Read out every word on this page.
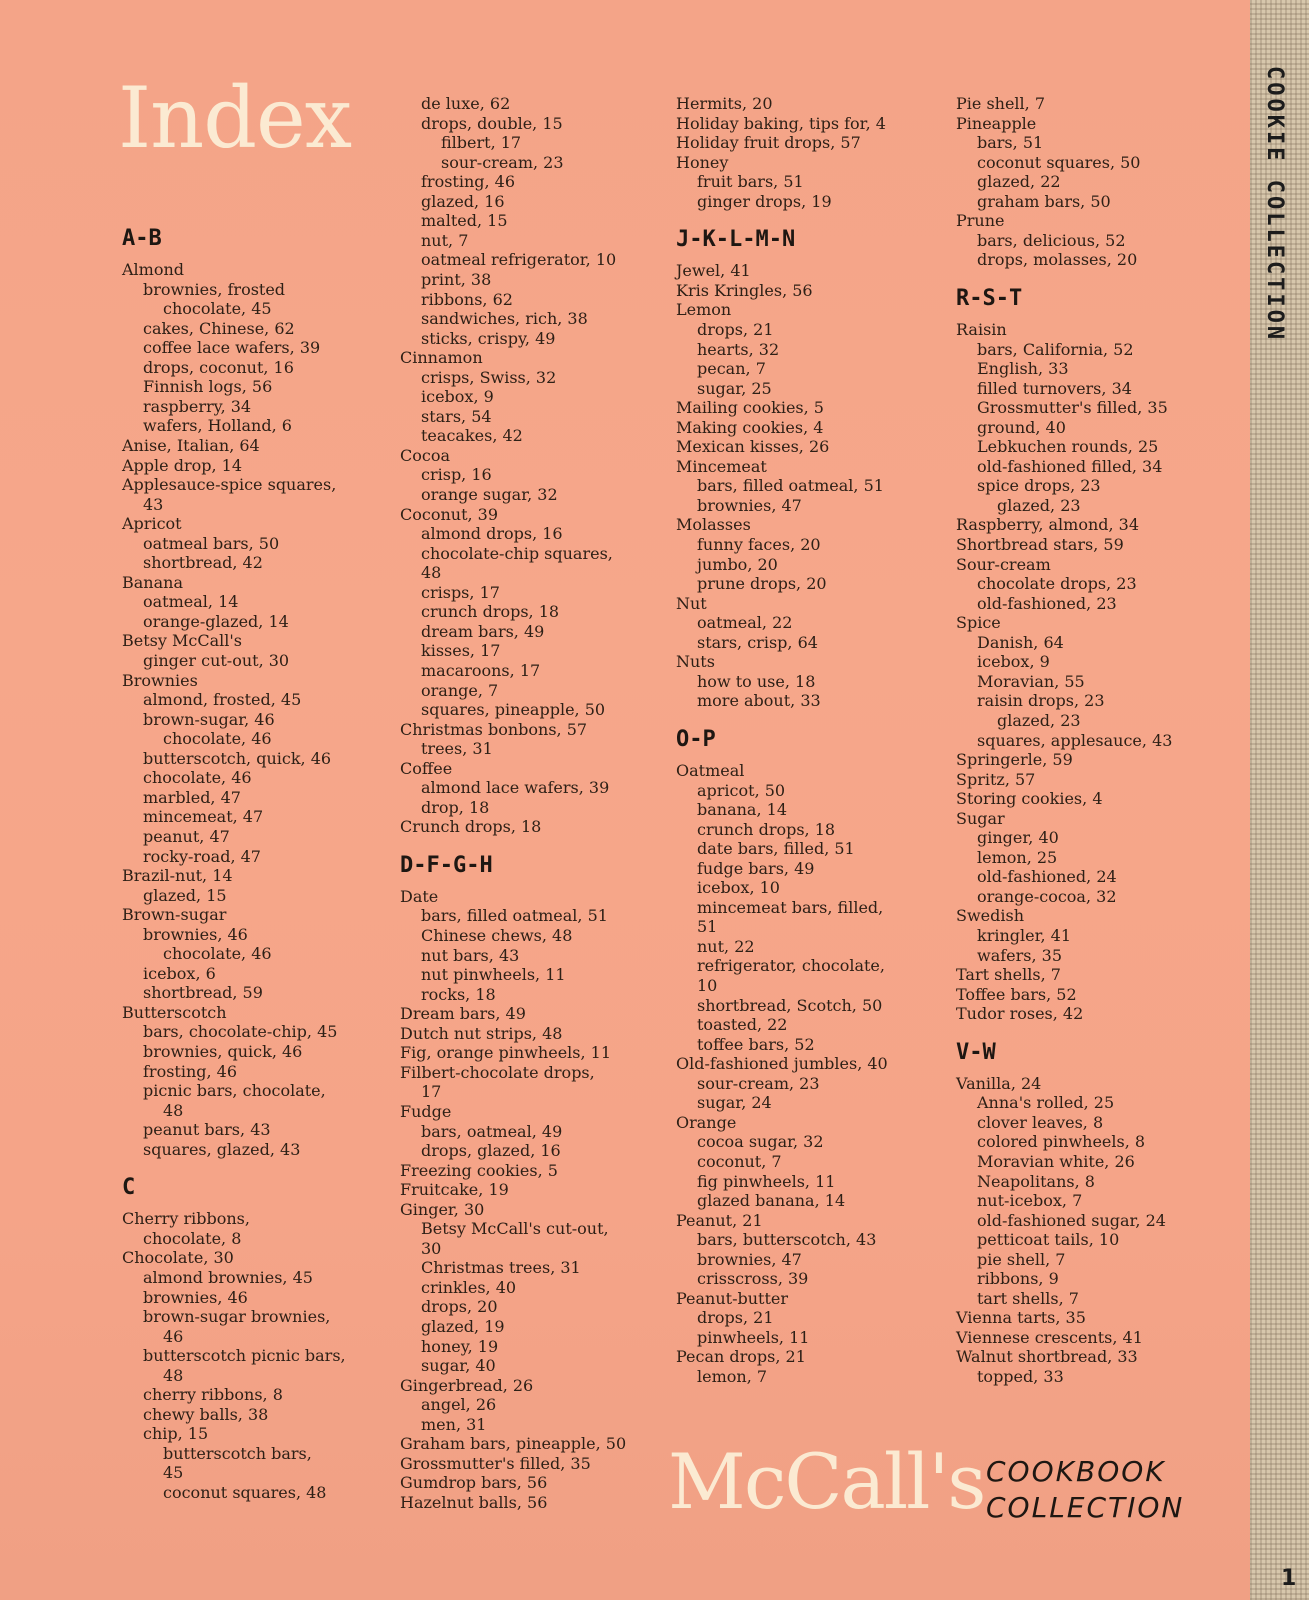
Index
A-B
Almond
brownies, frosted
chocolate, 45
cakes, Chinese, 62
coffee lace wafers, 39
drops, coconut, 16
Finnish logs, 56
raspberry, 34
wafers, Holland, 6
Anise, Italian, 64
Apple drop, 14
Applesauce-spice squares,
43
Apricot
oatmeal bars, 50
shortbread, 42
Banana
oatmeal, 14
orange-glazed, 14
Betsy McCall's
ginger cut-out, 30
Brownies
almond, frosted, 45
brown-sugar, 46
chocolate, 46
butterscotch, quick, 46
chocolate, 46
marbled, 47
mincemeat, 47
peanut, 47
rocky-road, 47
Brazil-nut, 14
glazed, 15
Brown-sugar
brownies, 46
chocolate, 46
icebox, 6
shortbread, 59
Butterscotch
bars, chocolate-chip, 45
brownies, quick, 46
frosting, 46
picnic bars, chocolate,
48
peanut bars, 43
squares, glazed, 43
C
Cherry ribbons,
chocolate, 8
Chocolate, 30
almond brownies, 45
brownies, 46
brown-sugar brownies,
46
butterscotch picnic bars,
48
cherry ribbons, 8
chewy balls, 38
chip, 15
butterscotch bars,
45
coconut squares, 48
de luxe, 62
drops, double, 15
filbert, 17
sour-cream, 23
frosting, 46
glazed, 16
malted, 15
nut, 7
oatmeal refrigerator, 10
print, 38
ribbons, 62
sandwiches, rich, 38
sticks, crispy, 49
Cinnamon
crisps, Swiss, 32
icebox, 9
stars, 54
teacakes, 42
Cocoa
crisp, 16
orange sugar, 32
Coconut, 39
almond drops, 16
chocolate-chip squares,
48
crisps, 17
crunch drops, 18
dream bars, 49
kisses, 17
macaroons, 17
orange, 7
squares, pineapple, 50
Christmas bonbons, 57
trees, 31
Coffee
almond lace wafers, 39
drop, 18
Crunch drops, 18
D-F-G-H
Date
bars, filled oatmeal, 51
Chinese chews, 48
nut bars, 43
nut pinwheels, 11
rocks, 18
Dream bars, 49
Dutch nut strips, 48
Fig, orange pinwheels, 11
Filbert-chocolate drops,
17
Fudge
bars, oatmeal, 49
drops, glazed, 16
Freezing cookies, 5
Fruitcake, 19
Ginger, 30
Betsy McCall's cut-out,
30
Christmas trees, 31
crinkles, 40
drops, 20
glazed, 19
honey, 19
sugar, 40
Gingerbread, 26
angel, 26
men, 31
Graham bars, pineapple, 50
Grossmutter's filled, 35
Gumdrop bars, 56
Hazelnut balls, 56
Hermits, 20
Holiday baking, tips for, 4
Holiday fruit drops, 57
Honey
fruit bars, 51
ginger drops, 19
J-K-L-M-N
Jewel, 41
Kris Kringles, 56
Lemon
drops, 21
hearts, 32
pecan, 7
sugar, 25
Mailing cookies, 5
Making cookies, 4
Mexican kisses, 26
Mincemeat
bars, filled oatmeal, 51
brownies, 47
Molasses
funny faces, 20
jumbo, 20
prune drops, 20
Nut
oatmeal, 22
stars, crisp, 64
Nuts
how to use, 18
more about, 33
O-P
Oatmeal
apricot, 50
banana, 14
crunch drops, 18
date bars, filled, 51
fudge bars, 49
icebox, 10
mincemeat bars, filled,
51
nut, 22
refrigerator, chocolate,
10
shortbread, Scotch, 50
toasted, 22
toffee bars, 52
Old-fashioned jumbles, 40
sour-cream, 23
sugar, 24
Orange
cocoa sugar, 32
coconut, 7
fig pinwheels, 11
glazed banana, 14
Peanut, 21
bars, butterscotch, 43
brownies, 47
crisscross, 39
Peanut-butter
drops, 21
pinwheels, 11
Pecan drops, 21
lemon, 7
Pie shell, 7
Pineapple
bars, 51
coconut squares, 50
glazed, 22
graham bars, 50
Prune
bars, delicious, 52
drops, molasses, 20
R-S-T
Raisin
bars, California, 52
English, 33
filled turnovers, 34
Grossmutter's filled, 35
ground, 40
Lebkuchen rounds, 25
old-fashioned filled, 34
spice drops, 23
glazed, 23
Raspberry, almond, 34
Shortbread stars, 59
Sour-cream
chocolate drops, 23
old-fashioned, 23
Spice
Danish, 64
icebox, 9
Moravian, 55
raisin drops, 23
glazed, 23
squares, applesauce, 43
Springerle, 59
Spritz, 57
Storing cookies, 4
Sugar
ginger, 40
lemon, 25
old-fashioned, 24
orange-cocoa, 32
Swedish
kringler, 41
wafers, 35
Tart shells, 7
Toffee bars, 52
Tudor roses, 42
V-W
Vanilla, 24
Anna's rolled, 25
clover leaves, 8
colored pinwheels, 8
Moravian white, 26
Neapolitans, 8
nut-icebox, 7
old-fashioned sugar, 24
petticoat tails, 10
pie shell, 7
ribbons, 9
tart shells, 7
Vienna tarts, 35
Viennese crescents, 41
Walnut shortbread, 33
topped, 33
McCall's COOKBOOK
COLLECTION
COOKIE COLLECTION
1
